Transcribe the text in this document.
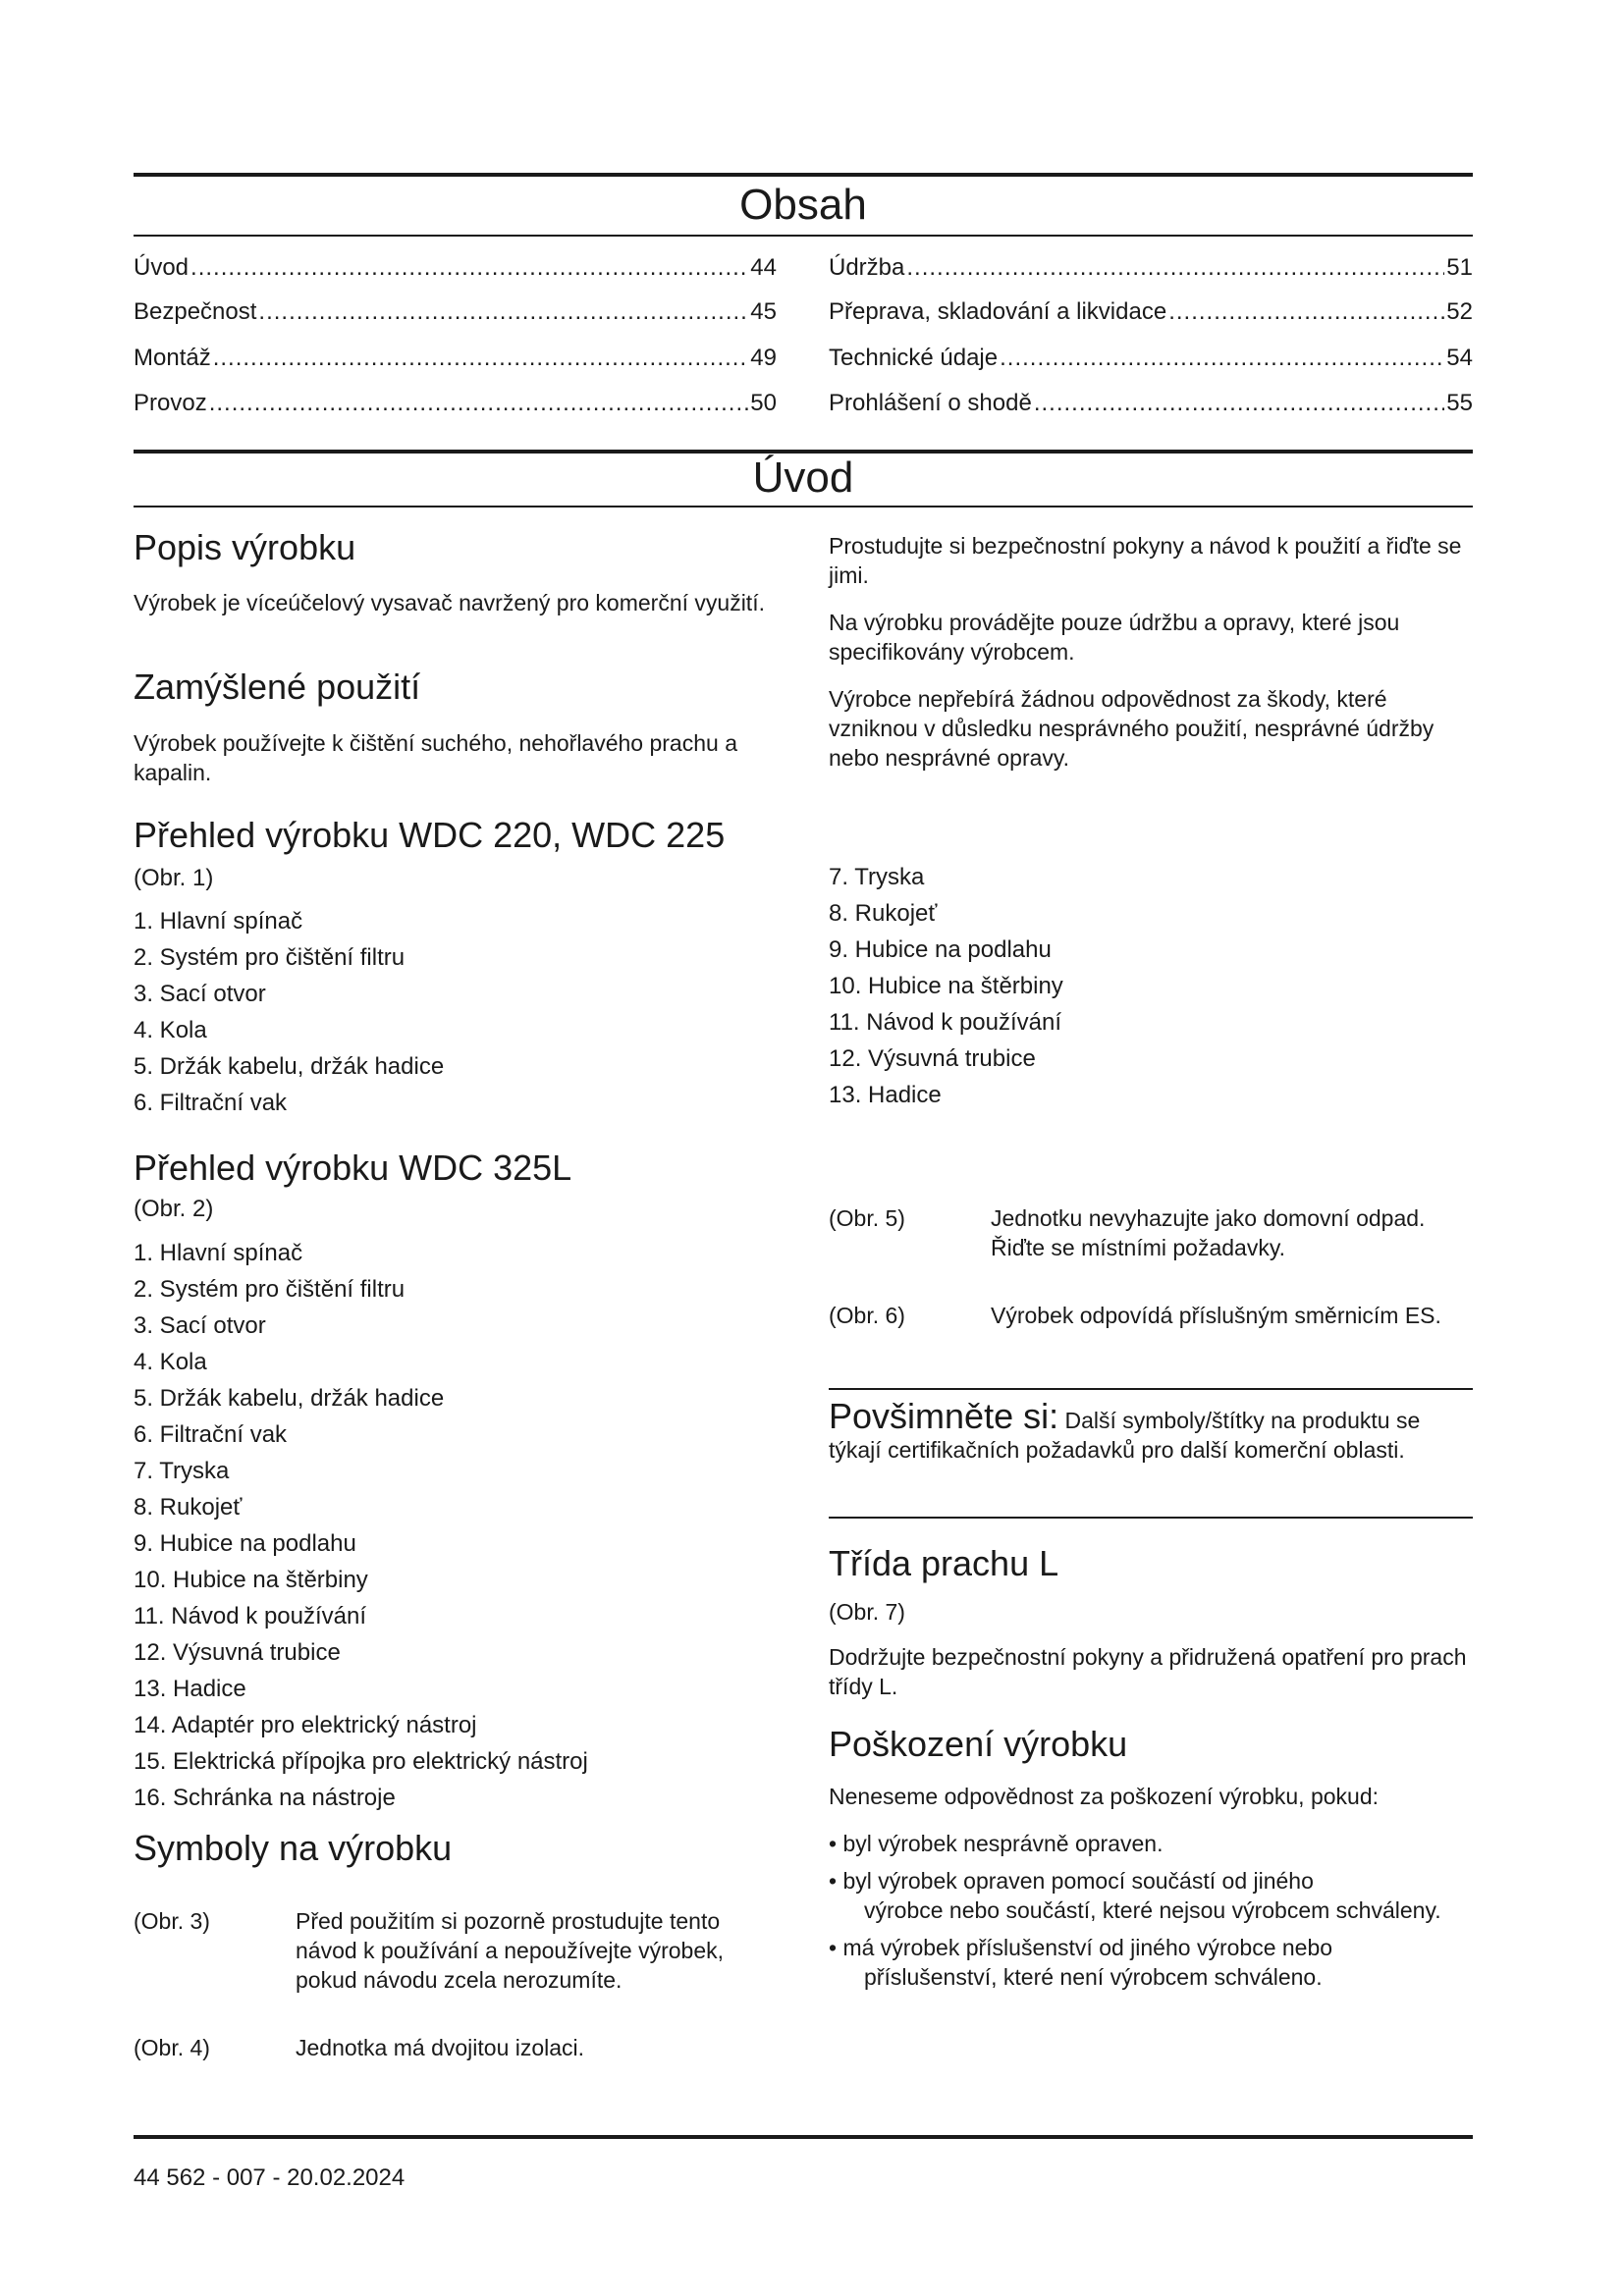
Obsah
Úvod .....	44
Bezpečnost .....	45
Montáž .....	49
Provoz .....	50
Údržba .....	51
Přeprava, skladování a likvidace .....	52
Technické údaje .....	54
Prohlášení o shodě .....	55
Úvod
Popis výrobku

Výrobek je víceúčelový vysavač navržený pro komerční využití.

Zamýšlené použití

Výrobek používejte k čištění suchého, nehořlavého prachu a kapalin.

Prostudujte si bezpečnostní pokyny a návod k použití a řiďte se jimi.

Na výrobku provádějte pouze údržbu a opravy, které jsou specifikovány výrobcem.

Výrobce nepřebírá žádnou odpovědnost za škody, které vzniknou v důsledku nesprávného použití, nesprávné údržby nebo nesprávné opravy.

Přehled výrobku WDC 220, WDC 225

(Obr. 1)

1. Hlavní spínač
2. Systém pro čištění filtru
3. Sací otvor
4. Kola
5. Držák kabelu, držák hadice
6. Filtrační vak
7. Tryska
8. Rukojeť
9. Hubice na podlahu
10. Hubice na štěrbiny
11. Návod k používání
12. Výsuvná trubice
13. Hadice
Přehled výrobku WDC 325L

(Obr. 2)

1. Hlavní spínač
2. Systém pro čištění filtru
3. Sací otvor
4. Kola
5. Držák kabelu, držák hadice
6. Filtrační vak
7. Tryska
8. Rukojeť
9. Hubice na podlahu
10. Hubice na štěrbiny
11. Návod k používání
12. Výsuvná trubice
13. Hadice
14. Adaptér pro elektrický nástroj
15. Elektrická přípojka pro elektrický nástroj
16. Schránka na nástroje
Symboly na výrobku
(Obr. 3)	Před použitím si pozorně prostudujte tento návod k používání a nepoužívejte výrobek, pokud návodu zcela nerozumíte.
(Obr. 4)	Jednotka má dvojitou izolaci.
(Obr. 5)	Jednotku nevyhazujte jako domovní odpad. Řiďte se místními požadavky.
(Obr. 6)	Výrobek odpovídá příslušným směrnicím ES.

Povšimněte si: Další symboly/štítky na produktu se týkají certifikačních požadavků pro další komerční oblasti.

Třída prachu L

(Obr. 7)

Dodržujte bezpečnostní pokyny a přidružená opatření pro prach třídy L.

Poškození výrobku

Neneseme odpovědnost za poškození výrobku, pokud:

• byl výrobek nesprávně opraven.
• byl výrobek opraven pomocí součástí od jiného
výrobce nebo součástí, které nejsou výrobcem schváleny.
• má výrobek příslušenství od jiného výrobce nebo
příslušenství, které není výrobcem schváleno.
44 562 - 007 - 20.02.2024
